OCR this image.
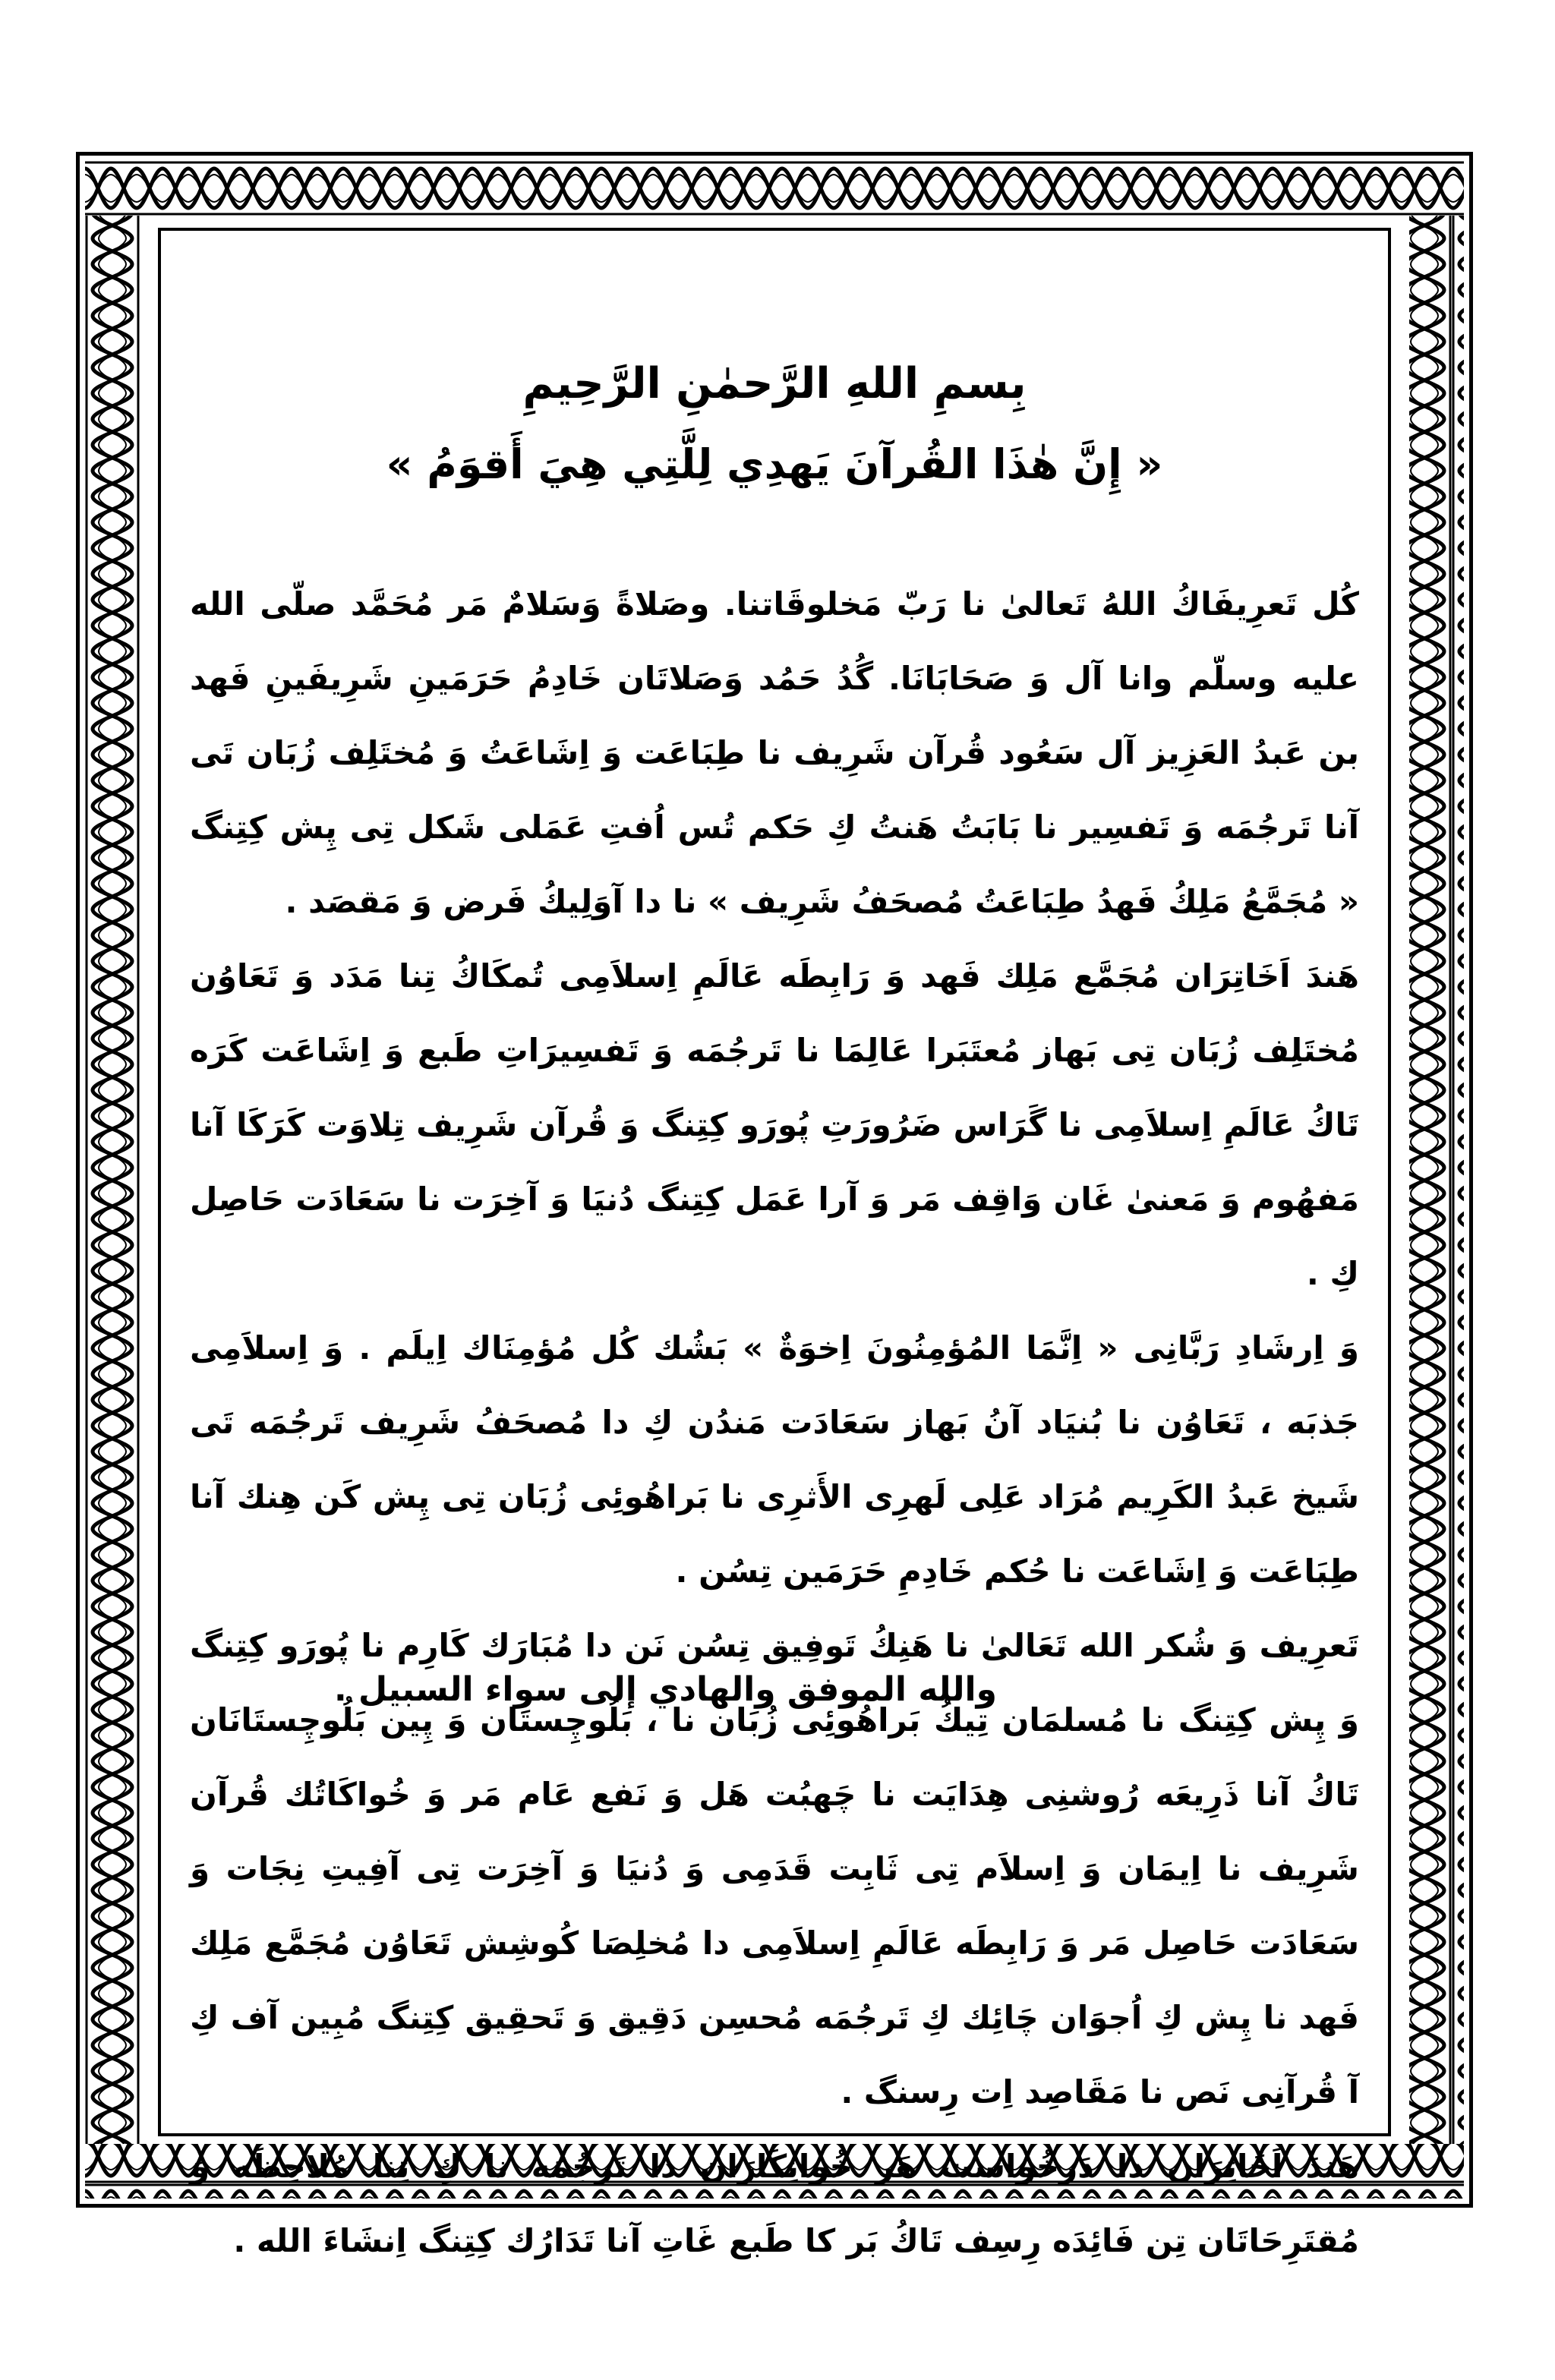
بِسمِ اللهِ الرَّحمٰنِ الرَّحِيمِ

« إِنَّ هٰذَا القُرآنَ يَهدِي لِلَّتِي هِيَ أَقوَمُ »

كُل تَعرِيفَاكُ اللهُ تَعالىٰ نا رَبّ مَخلوقَاتنا. وصَلاةً وَسَلامٌ مَر مُحَمَّد صلّى الله عليه وسلّم وانا آل وَ صَحَابَانَا. گُدُ حَمُد وَصَلاتَان خَادِمُ حَرَمَينِ شَرِيفَينِ فَهد بن عَبدُ العَزِيز آل سَعُود قُرآن شَرِيف نا طِبَاعَت وَ اِشَاعَتُ وَ مُختَلِف زُبَان تَی آنا تَرجُمَه وَ تَفسِير نا بَابَتُ هَنتُ كِ حَكم تُس اُفتِ عَمَلی شَكل تِی پِش كِتِنگ « مُجَمَّعُ مَلِكُ فَهدُ طِبَاعَتُ مُصحَفُ شَرِيف » نا دا آوَلِيكُ فَرض وَ مَقصَد .

هَندَ اَخَاتِرَان مُجَمَّع مَلِك فَهد وَ رَابِطَه عَالَمِ اِسلاَمِی تُمكَاكُ تِنا مَدَد وَ تَعَاوُن مُختَلِف زُبَان تِی بَهاز مُعتَبَرا عَالِمَا نا تَرجُمَه وَ تَفسِيرَاتِ طَبع وَ اِشَاعَت كَرَه تَاكُ عَالَمِ اِسلاَمِی نا گَرَاس ضَرُورَتِ پُورَو كِتِنگ وَ قُرآن شَرِيف تِلاوَت كَرَكَا آنا مَفهُوم وَ مَعنیٰ غَان وَاقِف مَر وَ آرا عَمَل كِتِنگ دُنیَا وَ آخِرَت نا سَعَادَت حَاصِل كِ .

وَ اِرشَادِ رَبَّانِی « اِنَّمَا المُؤمِنُونَ اِخوَةٌ » بَشُك كُل مُؤمِنَاك اِيلَم . وَ اِسلاَمِی جَذبَه ، تَعَاوُن نا بُنیَاد آنُ بَهاز سَعَادَت مَندُن كِ دا مُصحَفُ شَرِيف تَرجُمَه تَی شَيخ عَبدُ الكَرِيم مُرَاد عَلِی لَهرِی الأَثرِی نا بَراهُوئِی زُبَان تِی پِش كَن هِنك آنا طِبَاعَت وَ اِشَاعَت نا حُكم خَادِمِ حَرَمَين تِسُن .

تَعرِيف وَ شُكر الله تَعَالیٰ نا هَنِكُ تَوفِيق تِسُن نَن دا مُبَارَك كَارِم نا پُورَو كِتِنگ وَ پِش كِتِنگ نا مُسلمَان تِيكُ بَراهُوئِی زُبَان نا ، بَلُوچِستَان وَ پِين بَلُوچِستَانَان تَاكُ آنا ذَرِيعَه رُوشنِی هِدَايَت نا چَهبُت هَل وَ نَفع عَام مَر وَ خُواكَاتُك قُرآن شَرِيف نا اِيمَان وَ اِسلاَم تِی ثَابِت قَدَمِی وَ دُنیَا وَ آخِرَت تِی آفِيتِ نِجَات وَ سَعَادَت حَاصِل مَر وَ رَابِطَه عَالَمِ اِسلاَمِی دا مُخلِصَا كُوشِش تَعَاوُن مُجَمَّع مَلِك فَهد نا پِش كِ اُجوَان چَائِك كِ تَرجُمَه مُحسِن دَقِيق وَ تَحقِيق كِتِنگ مُبِين آف كِ آ قُرآنِی نَص نا مَقَاصِد اِت رِسنگ .

هَندَ اَخَاتِرَان دا دَرخُواست هَر خُوانِكَارَان دا تَرجُمَه نا كِ تِنا مُلاحِظَه وَ مُقتَرِحَاتَان تِن فَائِدَه رِسِف تَاكُ بَر كا طَبع غَاتِ آنا تَدَارُك كِتِنگ اِنشَاءَ الله .

والله الموفق والهادي إلى سواء السبيل .
